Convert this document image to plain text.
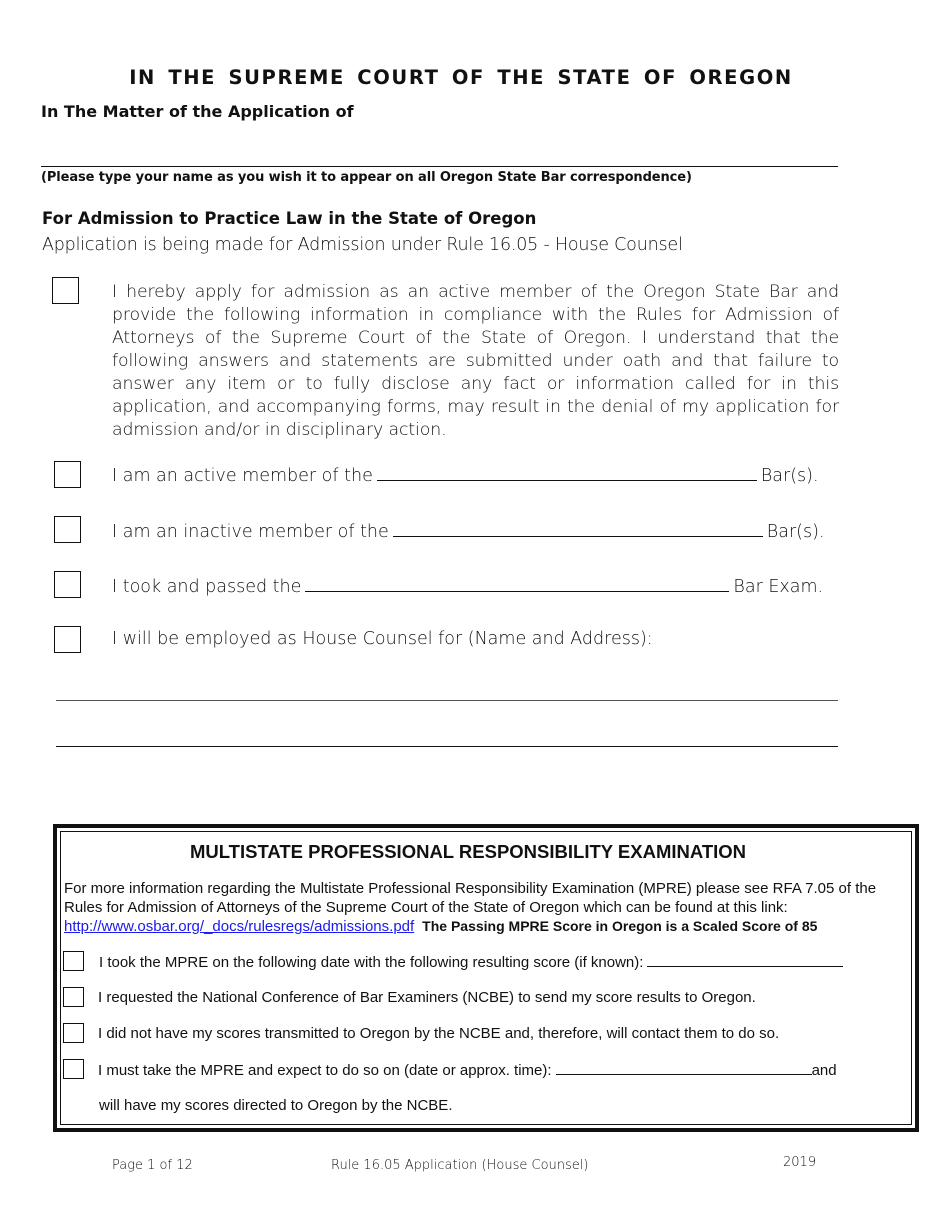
IN THE SUPREME COURT OF THE STATE OF OREGON
In The Matter of the Application of
(Please type your name as you wish it to appear on all Oregon State Bar correspondence)
For Admission to Practice Law in the State of Oregon
Application is being made for Admission under Rule 16.05 - House Counsel
I hereby apply for admission as an active member of the Oregon State Bar and provide the following information in compliance with the Rules for Admission of Attorneys of the Supreme Court of the State of Oregon. I understand that the following answers and statements are submitted under oath and that failure to answer any item or to fully disclose any fact or information called for in this application, and accompanying forms, may result in the denial of my application for admission and/or in disciplinary action.
I am an active member of the	Bar(s).
I am an inactive member of the	Bar(s).
I took and passed the	Bar Exam.
I will be employed as House Counsel for (Name and Address):
MULTISTATE PROFESSIONAL RESPONSIBILITY EXAMINATION
For more information regarding the Multistate Professional Responsibility Examination (MPRE) please see RFA 7.05 of the Rules for Admission of Attorneys of the Supreme Court of the State of Oregon which can be found at this link:
http://www.osbar.org/_docs/rulesregs/admissions.pdf The Passing MPRE Score in Oregon is a Scaled Score of 85
I took the MPRE on the following date with the following resulting score (if known):
I requested the National Conference of Bar Examiners (NCBE) to send my score results to Oregon.
I did not have my scores transmitted to Oregon by the NCBE and, therefore, will contact them to do so.
I must take the MPRE and expect to do so on (date or approx. time):	and
will have my scores directed to Oregon by the NCBE.
Page 1 of 12	Rule 16.05 Application (House Counsel)	2019
